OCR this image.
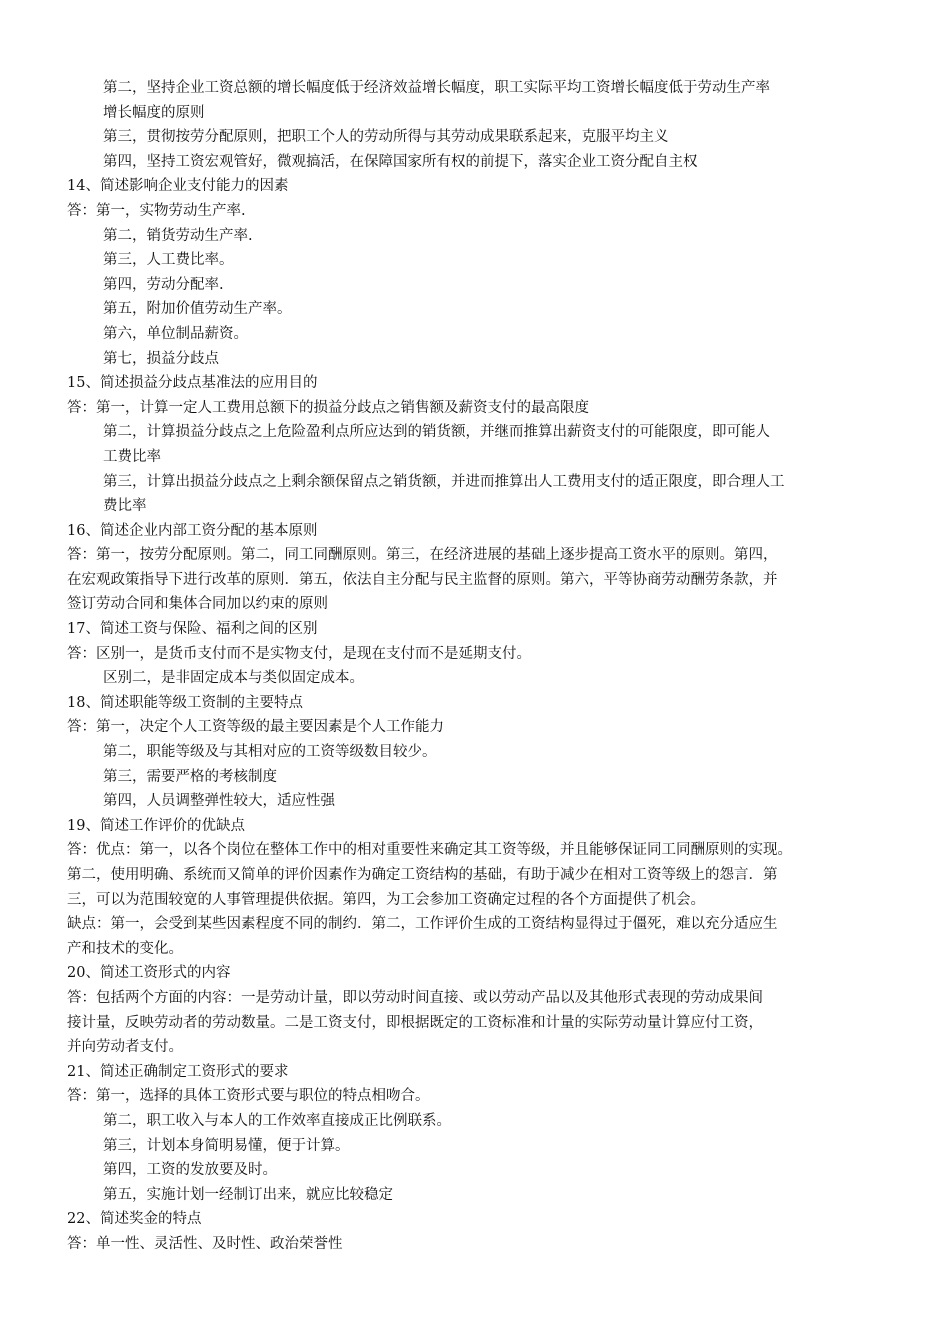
第二，坚持企业工资总额的增长幅度低于经济效益增长幅度，职工实际平均工资增长幅度低于劳动生产率
增长幅度的原则
第三，贯彻按劳分配原则，把职工个人的劳动所得与其劳动成果联系起来，克服平均主义
第四，坚持工资宏观管好，微观搞活，在保障国家所有权的前提下，落实企业工资分配自主权
14、简述影响企业支付能力的因素
答：第一，实物劳动生产率.
第二，销货劳动生产率.
第三，人工费比率。
第四，劳动分配率.
第五，附加价值劳动生产率。
第六，单位制品薪资。
第七，损益分歧点
15、简述损益分歧点基准法的应用目的
答：第一，计算一定人工费用总额下的损益分歧点之销售额及薪资支付的最高限度
第二，计算损益分歧点之上危险盈利点所应达到的销货额，并继而推算出薪资支付的可能限度，即可能人
工费比率
第三，计算出损益分歧点之上剩余额保留点之销货额，并进而推算出人工费用支付的适正限度，即合理人工
费比率
16、简述企业内部工资分配的基本原则
答：第一，按劳分配原则。第二，同工同酬原则。第三，在经济进展的基础上逐步提高工资水平的原则。第四，
在宏观政策指导下进行改革的原则．第五，依法自主分配与民主监督的原则。第六，平等协商劳动酬劳条款，并
签订劳动合同和集体合同加以约束的原则
17、简述工资与保险、福利之间的区别
答：区别一，是货币支付而不是实物支付，是现在支付而不是延期支付。
区别二，是非固定成本与类似固定成本。
18、简述职能等级工资制的主要特点
答：第一，决定个人工资等级的最主要因素是个人工作能力
第二，职能等级及与其相对应的工资等级数目较少。
第三，需要严格的考核制度
第四，人员调整弹性较大，适应性强
19、简述工作评价的优缺点
答：优点：第一，以各个岗位在整体工作中的相对重要性来确定其工资等级，并且能够保证同工同酬原则的实现。
第二，使用明确、系统而又简单的评价因素作为确定工资结构的基础，有助于减少在相对工资等级上的怨言．第
三，可以为范围较宽的人事管理提供依据。第四，为工会参加工资确定过程的各个方面提供了机会。
缺点：第一，会受到某些因素程度不同的制约．第二，工作评价生成的工资结构显得过于僵死，难以充分适应生
产和技术的变化。
20、简述工资形式的内容
答：包括两个方面的内容：一是劳动计量，即以劳动时间直接、或以劳动产品以及其他形式表现的劳动成果间
接计量，反映劳动者的劳动数量。二是工资支付，即根据既定的工资标准和计量的实际劳动量计算应付工资，
并向劳动者支付。
21、简述正确制定工资形式的要求
答：第一，选择的具体工资形式要与职位的特点相吻合。
第二，职工收入与本人的工作效率直接成正比例联系。
第三，计划本身简明易懂，便于计算。
第四，工资的发放要及时。
第五，实施计划一经制订出来，就应比较稳定
22、简述奖金的特点
答：单一性、灵活性、及时性、政治荣誉性
